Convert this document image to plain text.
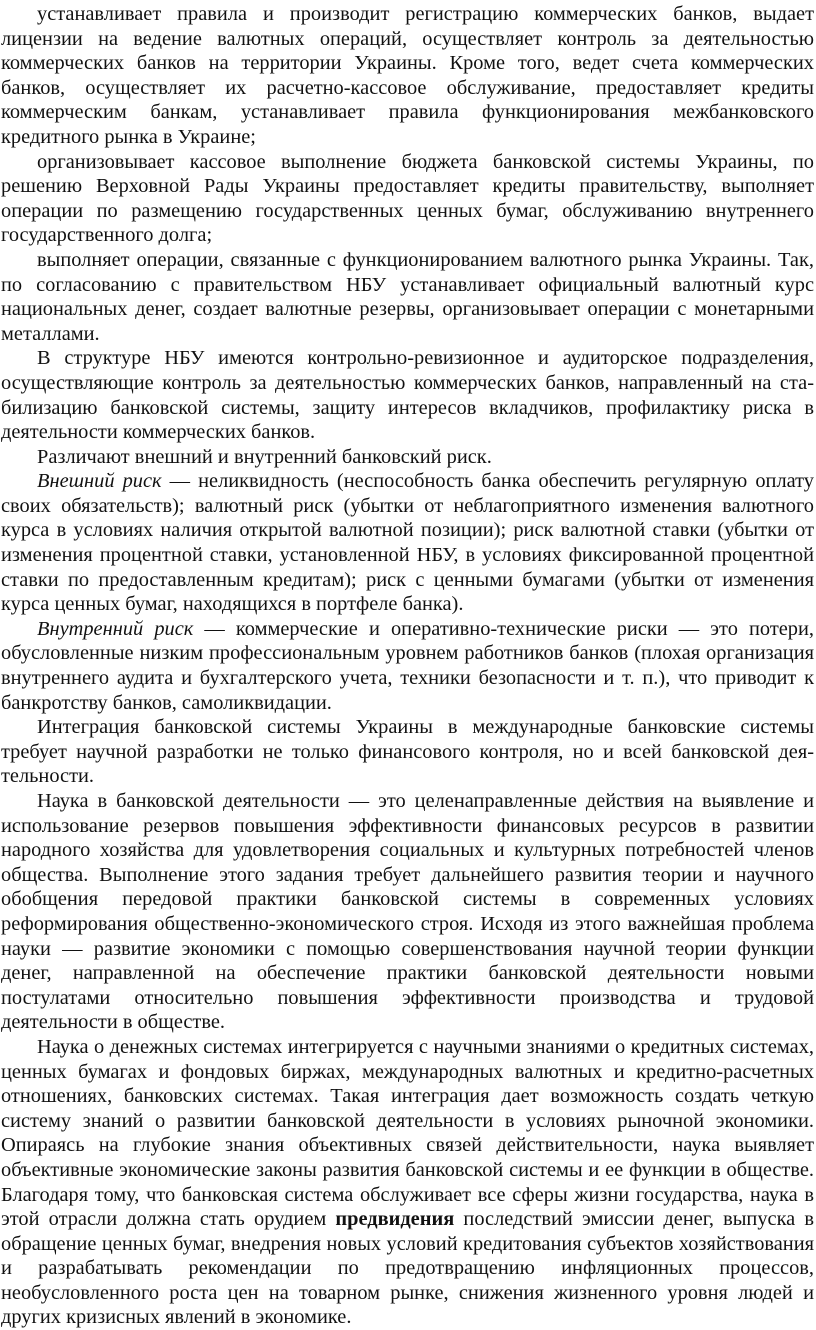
устанавливает правила и производит регистрацию коммерческих банков, выдает лицензии на ведение валютных операций, осуществляет контроль за деятельностью коммерческих банков на территории Украины. Кроме того, ведет счета коммерческих банков, осуществляет их расчетно-кассовое обслуживание, предоставляет кредиты коммерческим банкам, устанавливает правила функционирования межбанковского кредитного рынка в Украине;

организовывает кассовое выполнение бюджета банковской системы Украины, по решению Верховной Рады Украины предоставляет кредиты правительству, выполняет операции по размещению государственных ценных бумаг, обслуживанию внутреннего государственного долга;

выполняет операции, связанные с функционированием валютного рынка Украины. Так, по согласованию с правительством НБУ устанавливает официальный валютный курс национальных денег, создает валютные резервы, организовывает операции с монетарными металлами.

В структуре НБУ имеются контрольно-ревизионное и аудиторское подразделения, осуществляющие контроль за деятельностью коммерческих банков, направленный на стабилизацию банковской системы, защиту интересов вкладчиков, профилактику риска в деятельности коммерческих банков.

Различают внешний и внутренний банковский риск.

Внешний риск — неликвидность (неспособность банка обеспечить регулярную оплату своих обязательств); валютный риск (убытки от неблагоприятного изменения валютного курса в условиях наличия открытой валютной позиции); риск валютной ставки (убытки от изменения процентной ставки, установленной НБУ, в условиях фиксированной процентной ставки по предоставленным кредитам); риск с ценными бумагами (убытки от изменения курса ценных бумаг, находящихся в портфеле банка).

Внутренний риск — коммерческие и оперативно-технические риски — это потери, обусловленные низким профессиональным уровнем работников банков (плохая организация внутреннего аудита и бухгалтерского учета, техники безопасности и т. п.), что приводит к банкротству банков, самоликвидации.

Интеграция банковской системы Украины в международные банковские системы требует научной разработки не только финансового контроля, но и всей банковской деятельности.

Наука в банковской деятельности — это целенаправленные действия на выявление и использование резервов повышения эффективности финансовых ресурсов в развитии народного хозяйства для удовлетворения социальных и культурных потребностей членов общества. Выполнение этого задания требует дальнейшего развития теории и научного обобщения передовой практики банковской системы в современных условиях реформирования общественно-экономического строя. Исходя из этого важнейшая проблема науки — развитие экономики с помощью совершенствования научной теории функции денег, направленной на обеспечение практики банковской деятельности новыми постулатами относительно повышения эффективности производства и трудовой деятельности в обществе.

Наука о денежных системах интегрируется с научными знаниями о кредитных системах, ценных бумагах и фондовых биржах, международных валютных и кредитно-расчетных отношениях, банковских системах. Такая интеграция дает возможность создать четкую систему знаний о развитии банковской деятельности в условиях рыночной экономики. Опираясь на глубокие знания объективных связей действительности, наука выявляет объективные экономические законы развития банковской системы и ее функции в обществе. Благодаря тому, что банковская система обслуживает все сферы жизни государства, наука в этой отрасли должна стать орудием предвидения последствий эмиссии денег, выпуска в обращение ценных бумаг, внедрения новых условий кредитования субъектов хозяйствования и разрабатывать рекомендации по предотвращению инфляционных процессов, необусловленного роста цен на товарном рынке, снижения жизненного уровня людей и других кризисных явлений в экономике.
